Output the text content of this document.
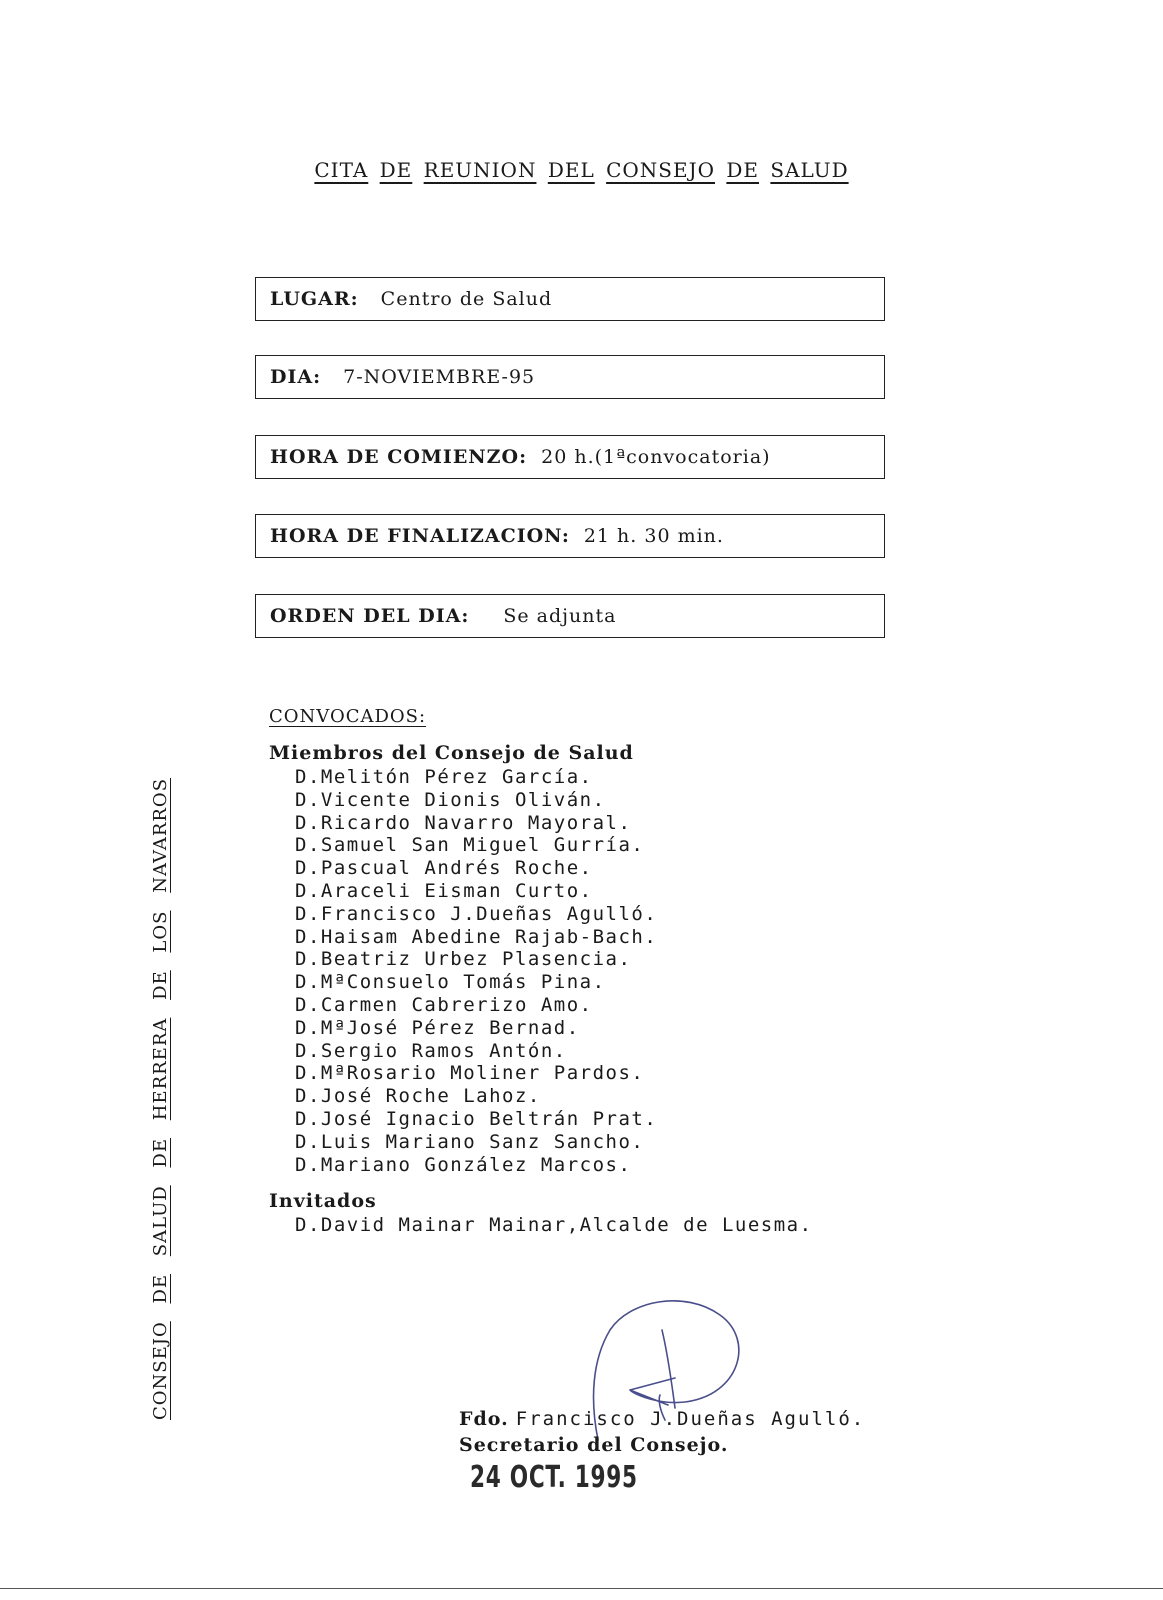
CITA DE REUNION DEL CONSEJO DE SALUD
LUGAR: Centro de Salud
DIA: 7-NOVIEMBRE-95
HORA DE COMIENZO: 20 h.(1ªconvocatoria)
HORA DE FINALIZACION: 21 h. 30 min.
ORDEN DEL DIA: Se adjunta
CONVOCADOS:
Miembros del Consejo de Salud
D.Melitón Pérez García.
D.Vicente Dionis Oliván.
D.Ricardo Navarro Mayoral.
D.Samuel San Miguel Gurría.
D.Pascual Andrés Roche.
D.Araceli Eisman Curto.
D.Francisco J.Dueñas Agulló.
D.Haisam Abedine Rajab-Bach.
D.Beatriz Urbez Plasencia.
D.MªConsuelo Tomás Pina.
D.Carmen Cabrerizo Amo.
D.MªJosé Pérez Bernad.
D.Sergio Ramos Antón.
D.MªRosario Moliner Pardos.
D.José Roche Lahoz.
D.José Ignacio Beltrán Prat.
D.Luis Mariano Sanz Sancho.
D.Mariano González Marcos.
Invitados
D.David Mainar Mainar,Alcalde de Luesma.
CONSEJO DE SALUD DE HERRERA DE LOS NAVARROS
Fdo. Francisco J.Dueñas Agulló.
Secretario del Consejo.
24 OCT. 1995
